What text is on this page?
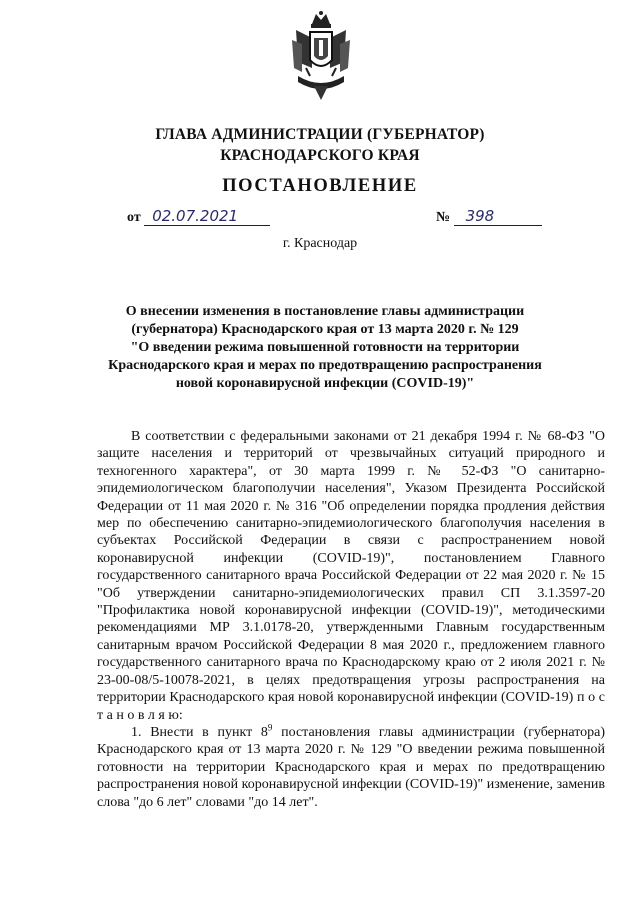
ГЛАВА АДМИНИСТРАЦИИ (ГУБЕРНАТОР)
КРАСНОДАРСКОГО КРАЯ
ПОСТАНОВЛЕНИЕ
от 02.07.2021	№ 398
г. Краснодар
О внесении изменения в постановление главы администрации
(губернатора) Краснодарского края от 13 марта 2020 г. № 129
"О введении режима повышенной готовности на территории
Краснодарского края и мерах по предотвращению распространения
новой коронавирусной инфекции (COVID-19)"

В соответствии с федеральными законами от 21 декабря 1994 г. № 68-ФЗ "О защите населения и территорий от чрезвычайных ситуаций природного и техногенного характера", от 30 марта 1999 г. № 52-ФЗ "О санитарно-эпидемиологическом благополучии населения", Указом Президента Российской Федерации от 11 мая 2020 г. № 316 "Об определении порядка продления действия мер по обеспечению санитарно-эпидемиологического благополучия населения в субъектах Российской Федерации в связи с распространением новой коронавирусной инфекции (COVID-19)", постановлением Главного государственного санитарного врача Российской Федерации от 22 мая 2020 г. № 15 "Об утверждении санитарно-эпидемиологических правил СП 3.1.3597-20 "Профилактика новой коронавирусной инфекции (COVID-19)", методическими рекомендациями МР 3.1.0178-20, утвержденными Главным государственным санитарным врачом Российской Федерации 8 мая 2020 г., предложением главного государственного санитарного врача по Краснодарскому краю от 2 июля 2021 г. № 23-00-08/5-10078-2021, в целях предотвращения угрозы распространения на территории Краснодарского края новой коронавирусной инфекции (COVID-19) п о с т а н о в л я ю:

1. Внести в пункт $8^9$ постановления главы администрации (губернатора) Краснодарского края от 13 марта 2020 г. № 129 "О введении режима повышенной готовности на территории Краснодарского края и мерах по предотвращению распространения новой коронавирусной инфекции (COVID-19)" изменение, заменив слова "до 6 лет" словами "до 14 лет".
